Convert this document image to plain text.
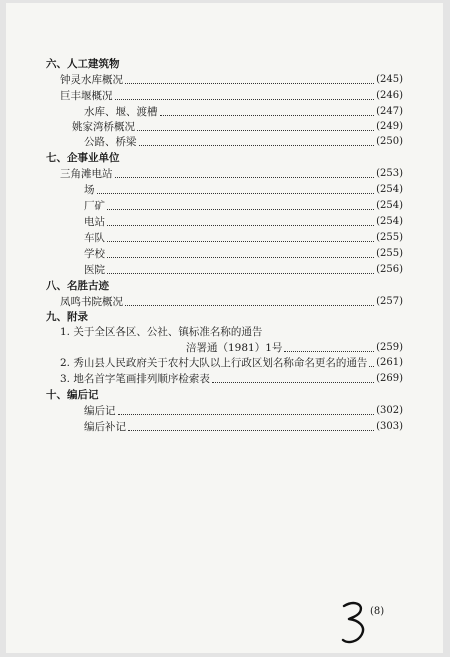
六、人工建筑物
钟灵水库概况	(245)
巨丰堰概况	(246)
水库、堰、渡槽	(247)
姚家湾桥概况	(249)
公路、桥梁	(250)
七、企事业单位
三角滩电站	(253)
场	(254)
厂矿	(254)
电站	(254)
车队	(255)
学校	(255)
医院	(256)
八、名胜古迹
凤鸣书院概况	(257)
九、附录
1. 关于全区各区、公社、镇标准名称的通告
涪署通（1981）1号	(259)
2. 秀山县人民政府关于农村大队以上行政区划名称命名更名的通告 (261)
3. 地名首字笔画排列顺序检索表	(269)
十、编后记
编后记	(302)
编后补记	(303)
(8)
